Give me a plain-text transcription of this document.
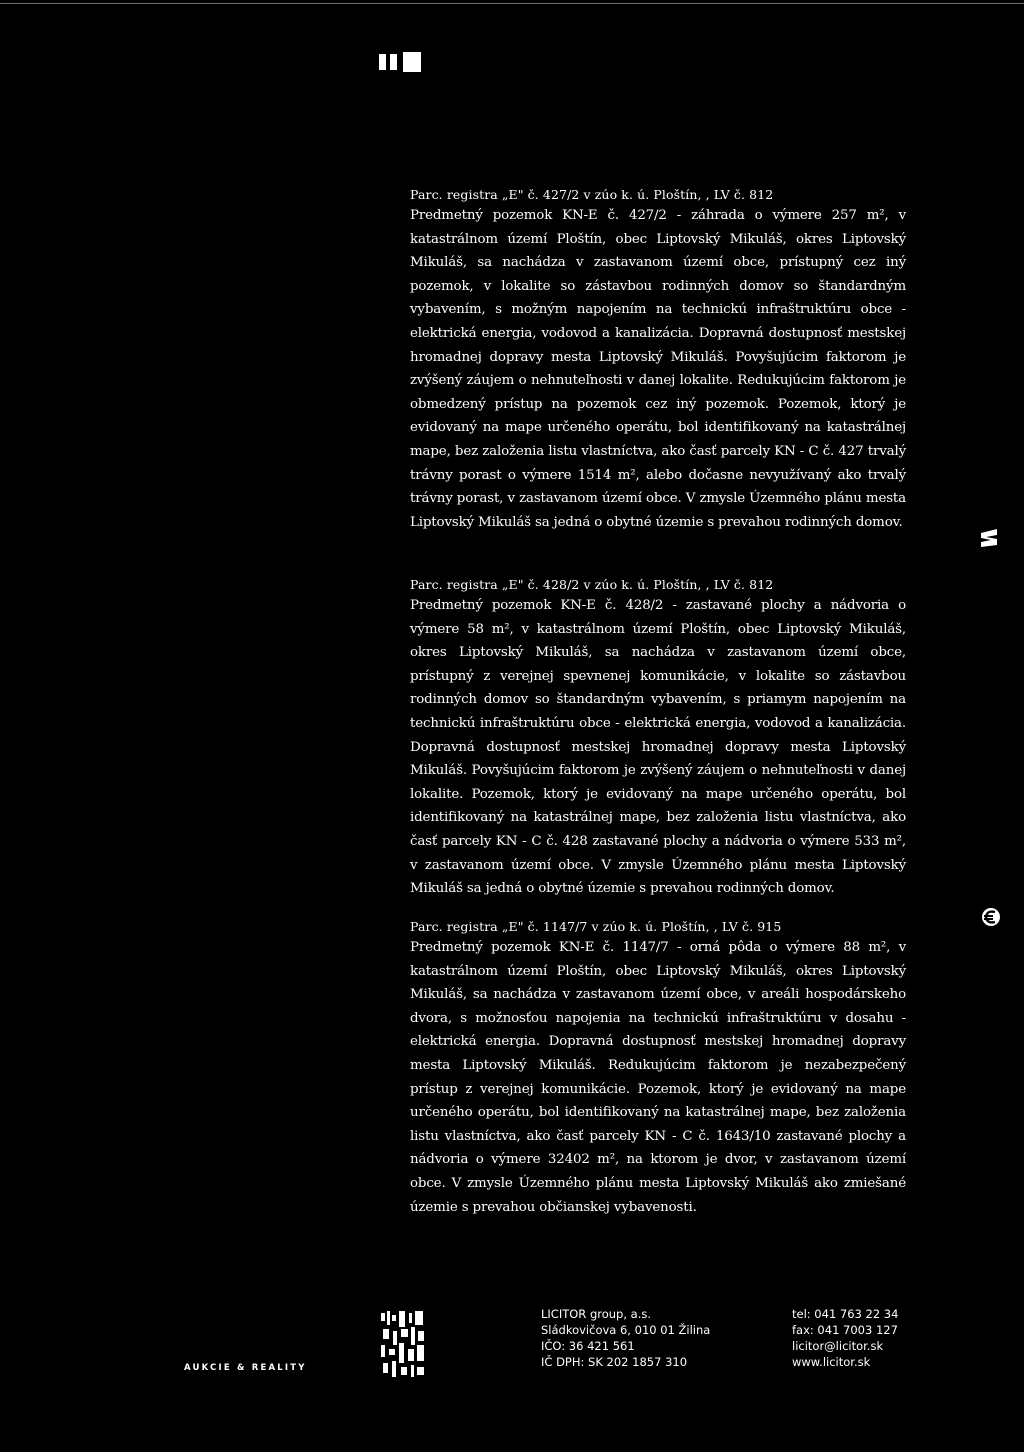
Parc. registra „E" č. 427/2 v zúo k. ú. Ploštín, , LV č. 812

Predmetný pozemok KN-E č. 427/2 - záhrada o výmere 257 m², v katastrálnom území Ploštín, obec Liptovský Mikuláš, okres Liptovský Mikuláš, sa nachádza v zastavanom území obce, prístupný cez iný pozemok, v lokalite so zástavbou rodinných domov so štandardným vybavením, s možným napojením na technickú infraštruktúru obce - elektrická energia, vodovod a kanalizácia. Dopravná dostupnosť mestskej hromadnej dopravy mesta Liptovský Mikuláš. Povyšujúcim faktorom je zvýšený záujem o nehnuteľnosti v danej lokalite. Redukujúcim faktorom je obmedzený prístup na pozemok cez iný pozemok. Pozemok, ktorý je evidovaný na mape určeného operátu, bol identifikovaný na katastrálnej mape, bez založenia listu vlastníctva, ako časť parcely KN - C č. 427 trvalý trávny porast o výmere 1514 m², alebo dočasne nevyužívaný ako trvalý trávny porast, v zastavanom území obce. V zmysle Územného plánu mesta Liptovský Mikuláš sa jedná o obytné územie s prevahou rodinných domov.

Parc. registra „E" č. 428/2 v zúo k. ú. Ploštín, , LV č. 812

Predmetný pozemok KN-E č. 428/2 - zastavané plochy a nádvoria o výmere 58 m², v katastrálnom území Ploštín, obec Liptovský Mikuláš, okres Liptovský Mikuláš, sa nachádza v zastavanom území obce, prístupný z verejnej spevnenej komunikácie, v lokalite so zástavbou rodinných domov so štandardným vybavením, s priamym napojením na technickú infraštruktúru obce - elektrická energia, vodovod a kanalizácia. Dopravná dostupnosť mestskej hromadnej dopravy mesta Liptovský Mikuláš. Povyšujúcim faktorom je zvýšený záujem o nehnuteľnosti v danej lokalite. Pozemok, ktorý je evidovaný na mape určeného operátu, bol identifikovaný na katastrálnej mape, bez založenia listu vlastníctva, ako časť parcely KN - C č. 428 zastavané plochy a nádvoria o výmere 533 m², v zastavanom území obce. V zmysle Územného plánu mesta Liptovský Mikuláš sa jedná o obytné územie s prevahou rodinných domov.

Parc. registra „E" č. 1147/7 v zúo k. ú. Ploštín, , LV č. 915

Predmetný pozemok KN-E č. 1147/7 - orná pôda o výmere 88 m², v katastrálnom území Ploštín, obec Liptovský Mikuláš, okres Liptovský Mikuláš, sa nachádza v zastavanom území obce, v areáli hospodárskeho dvora, s možnosťou napojenia na technickú infraštruktúru v dosahu - elektrická energia. Dopravná dostupnosť mestskej hromadnej dopravy mesta Liptovský Mikuláš. Redukujúcim faktorom je nezabezpečený prístup z verejnej komunikácie. Pozemok, ktorý je evidovaný na mape určeného operátu, bol identifikovaný na katastrálnej mape, bez založenia listu vlastníctva, ako časť parcely KN - C č. 1643/10 zastavané plochy a nádvoria o výmere 32402 m², na ktorom je dvor, v zastavanom území obce. V zmysle Územného plánu mesta Liptovský Mikuláš ako zmiešané územie s prevahou občianskej vybavenosti.

AUKCIE & REALITY
LICITOR group, a.s.
Sládkovičova 6, 010 01 Žilina
IČO: 36 421 561
IČ DPH: SK 202 1857 310
tel: 041 763 22 34
fax: 041 7003 127
licitor@licitor.sk
www.licitor.sk
